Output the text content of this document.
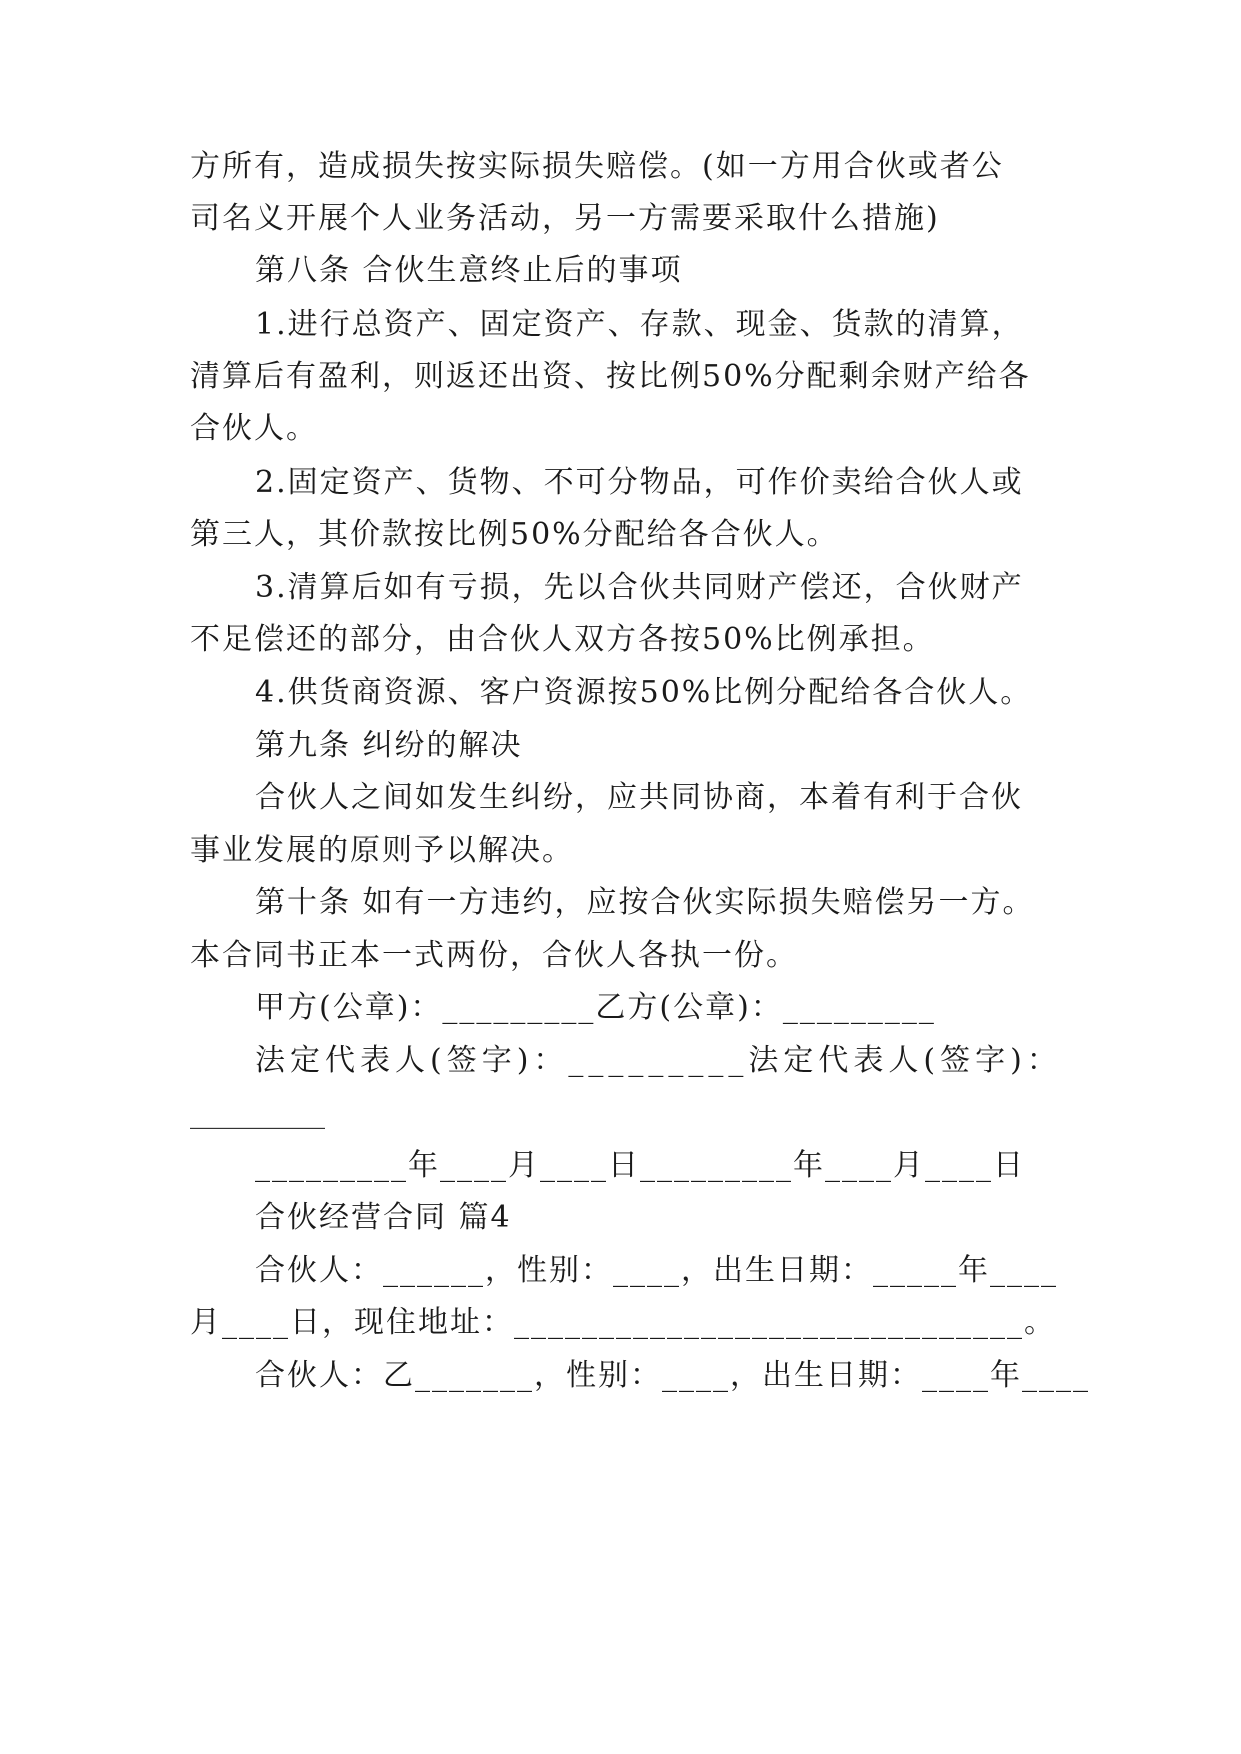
方所有，造成损失按实际损失赔偿。(如一方用合伙或者公
司名义开展个人业务活动，另一方需要采取什么措施)
第八条 合伙生意终止后的事项
1.进行总资产、固定资产、存款、现金、货款的清算，
清算后有盈利，则返还出资、按比例50%分配剩余财产给各
合伙人。
2.固定资产、货物、不可分物品，可作价卖给合伙人或
第三人，其价款按比例50%分配给各合伙人。
3.清算后如有亏损，先以合伙共同财产偿还，合伙财产
不足偿还的部分，由合伙人双方各按50%比例承担。
4.供货商资源、客户资源按50%比例分配给各合伙人。
第九条 纠纷的解决
合伙人之间如发生纠纷，应共同协商，本着有利于合伙
事业发展的原则予以解决。
第十条 如有一方违约，应按合伙实际损失赔偿另一方。
本合同书正本一式两份，合伙人各执一份。
甲方(公章)：_________乙方(公章)：_________
法定代表人(签字)：_________法定代表人(签字)：
_________
_________年____月____日_________年____月____日
合伙经营合同 篇4
合伙人：______，性别：____，出生日期：_____年____
月____日，现住地址：______________________________。
合伙人：乙_______，性别：____，出生日期：____年____
